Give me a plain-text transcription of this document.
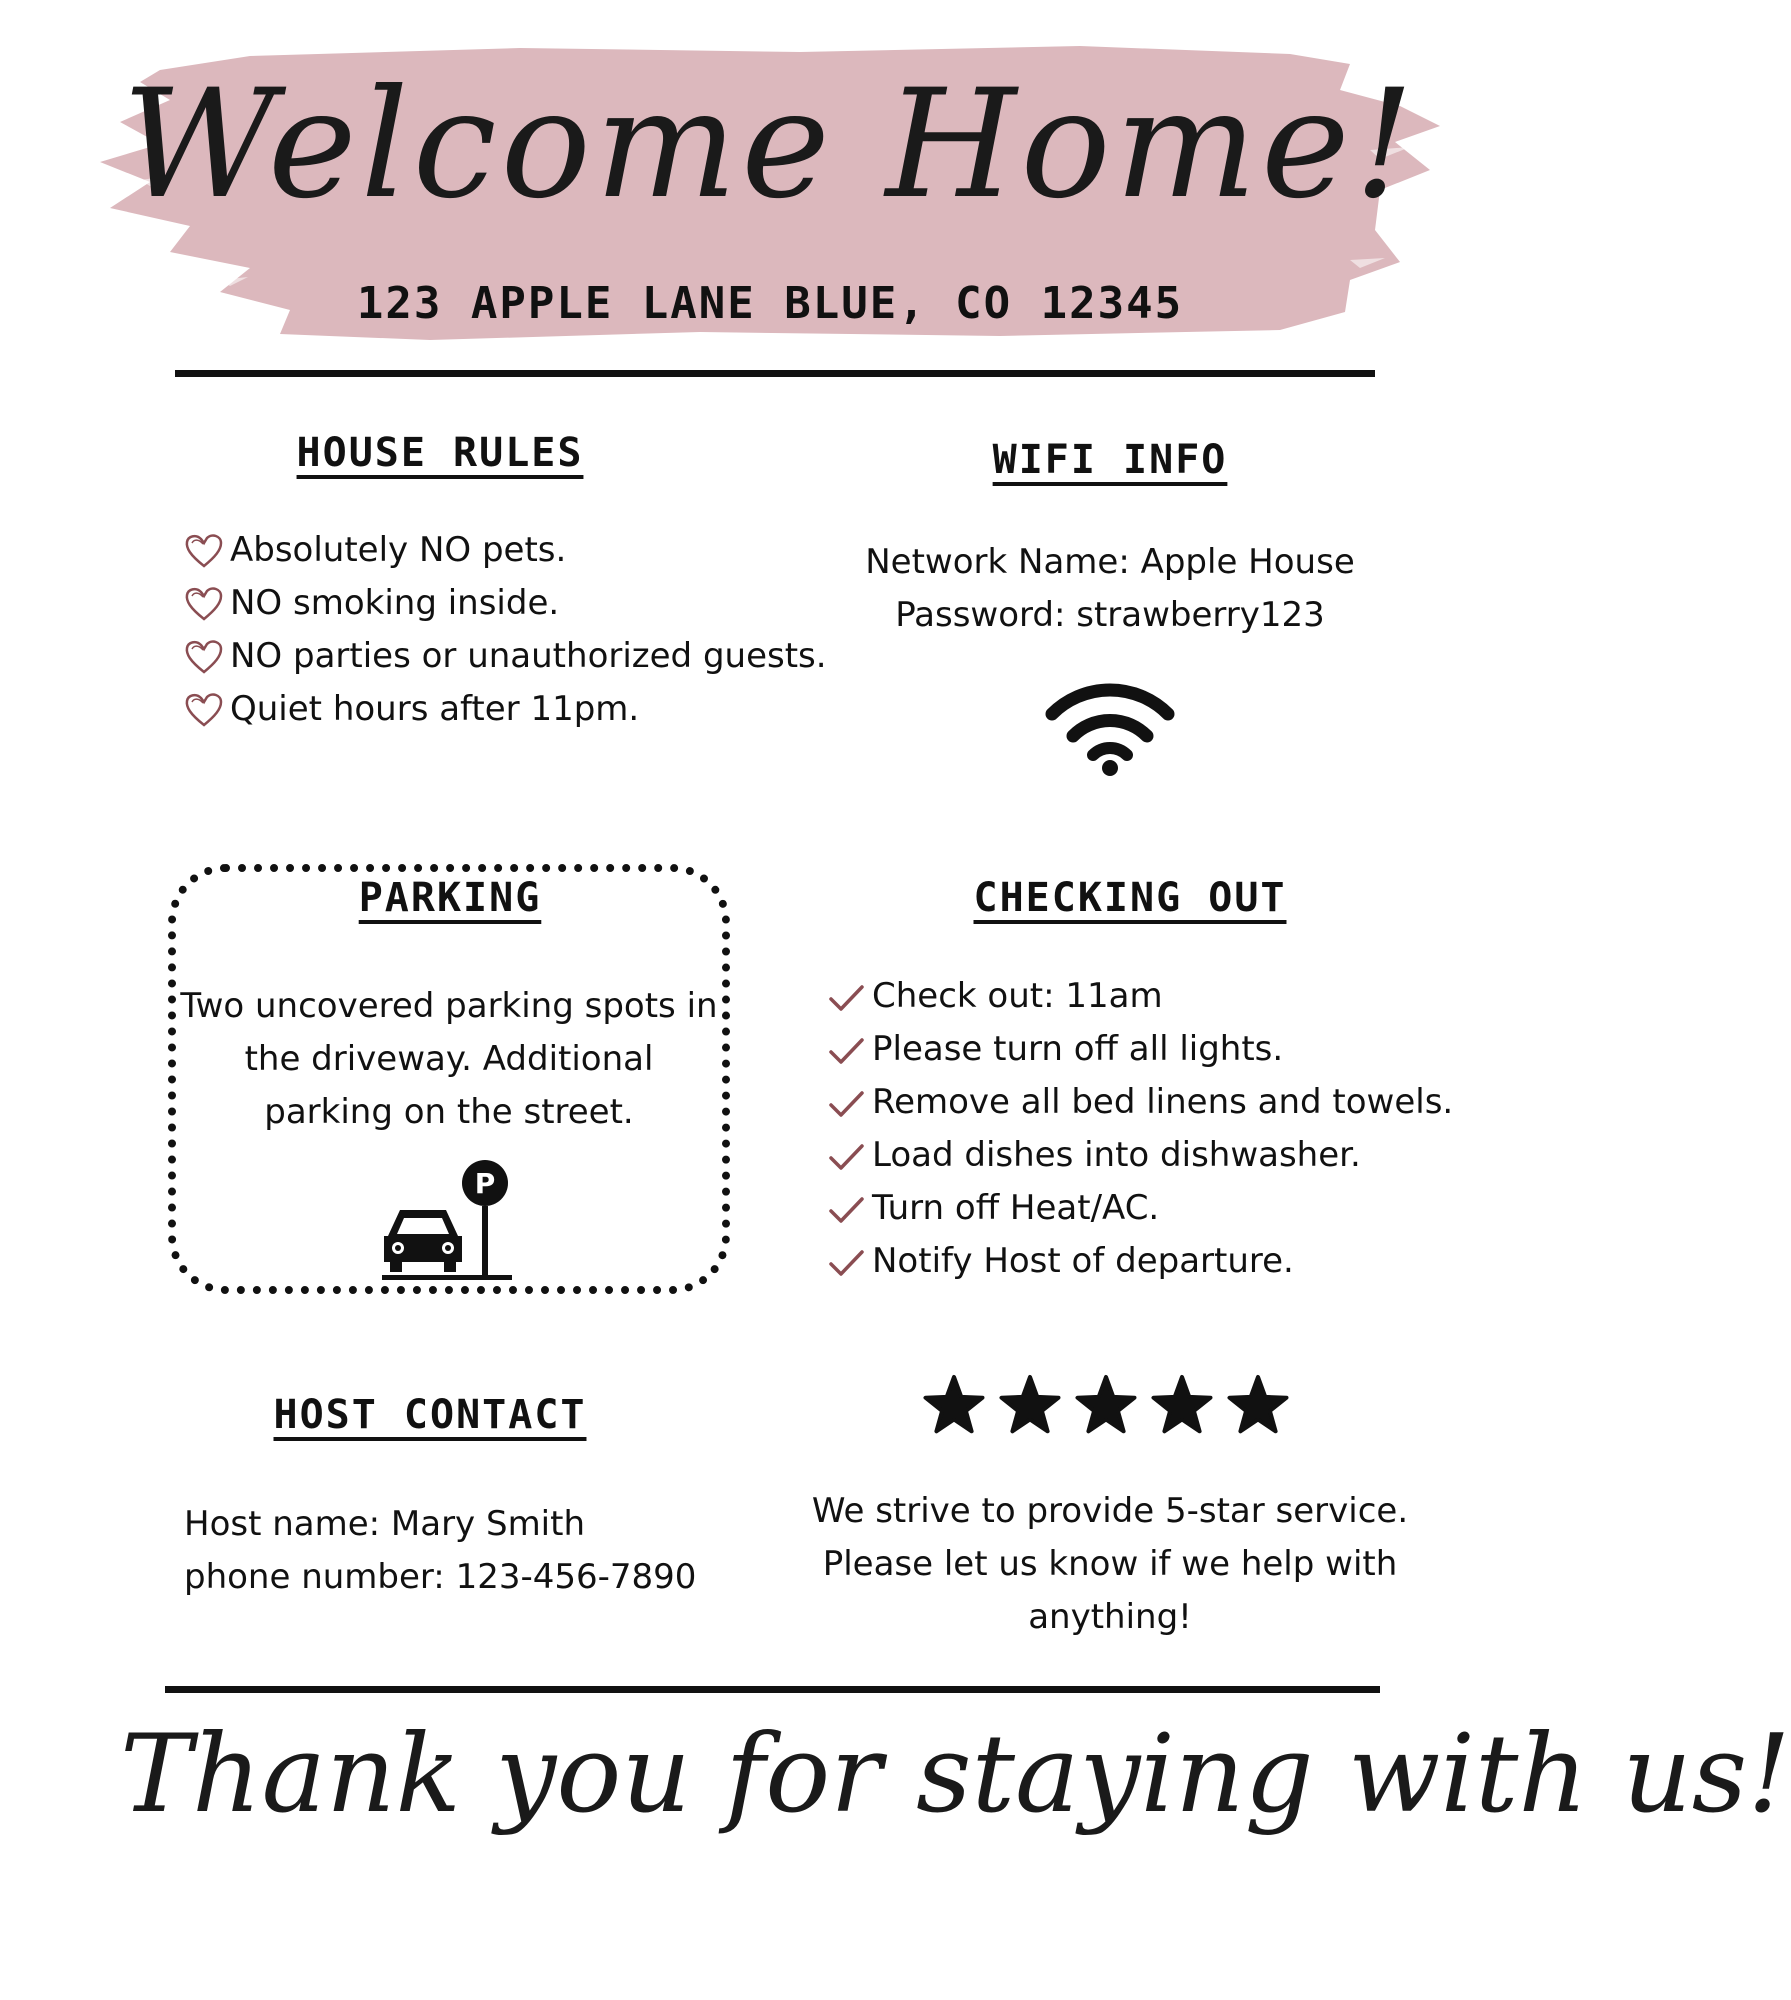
Welcome Home!
123 APPLE LANE BLUE, CO 12345
HOUSE RULES
Absolutely NO pets.
NO smoking inside.
NO parties or unauthorized guests.
Quiet hours after 11pm.
WIFI INFO
Network Name: Apple House
Password: strawberry123
PARKING
Two uncovered parking spots in
the driveway. Additional
parking on the street.
P
CHECKING OUT
Check out: 11am
Please turn off all lights.
Remove all bed linens and towels.
Load dishes into dishwasher.
Turn off Heat/AC.
Notify Host of departure.
HOST CONTACT
Host name: Mary Smith
phone number: 123-456-7890
We strive to provide 5-star service.
Please let us know if we help with
anything!
Thank you for staying with us!
